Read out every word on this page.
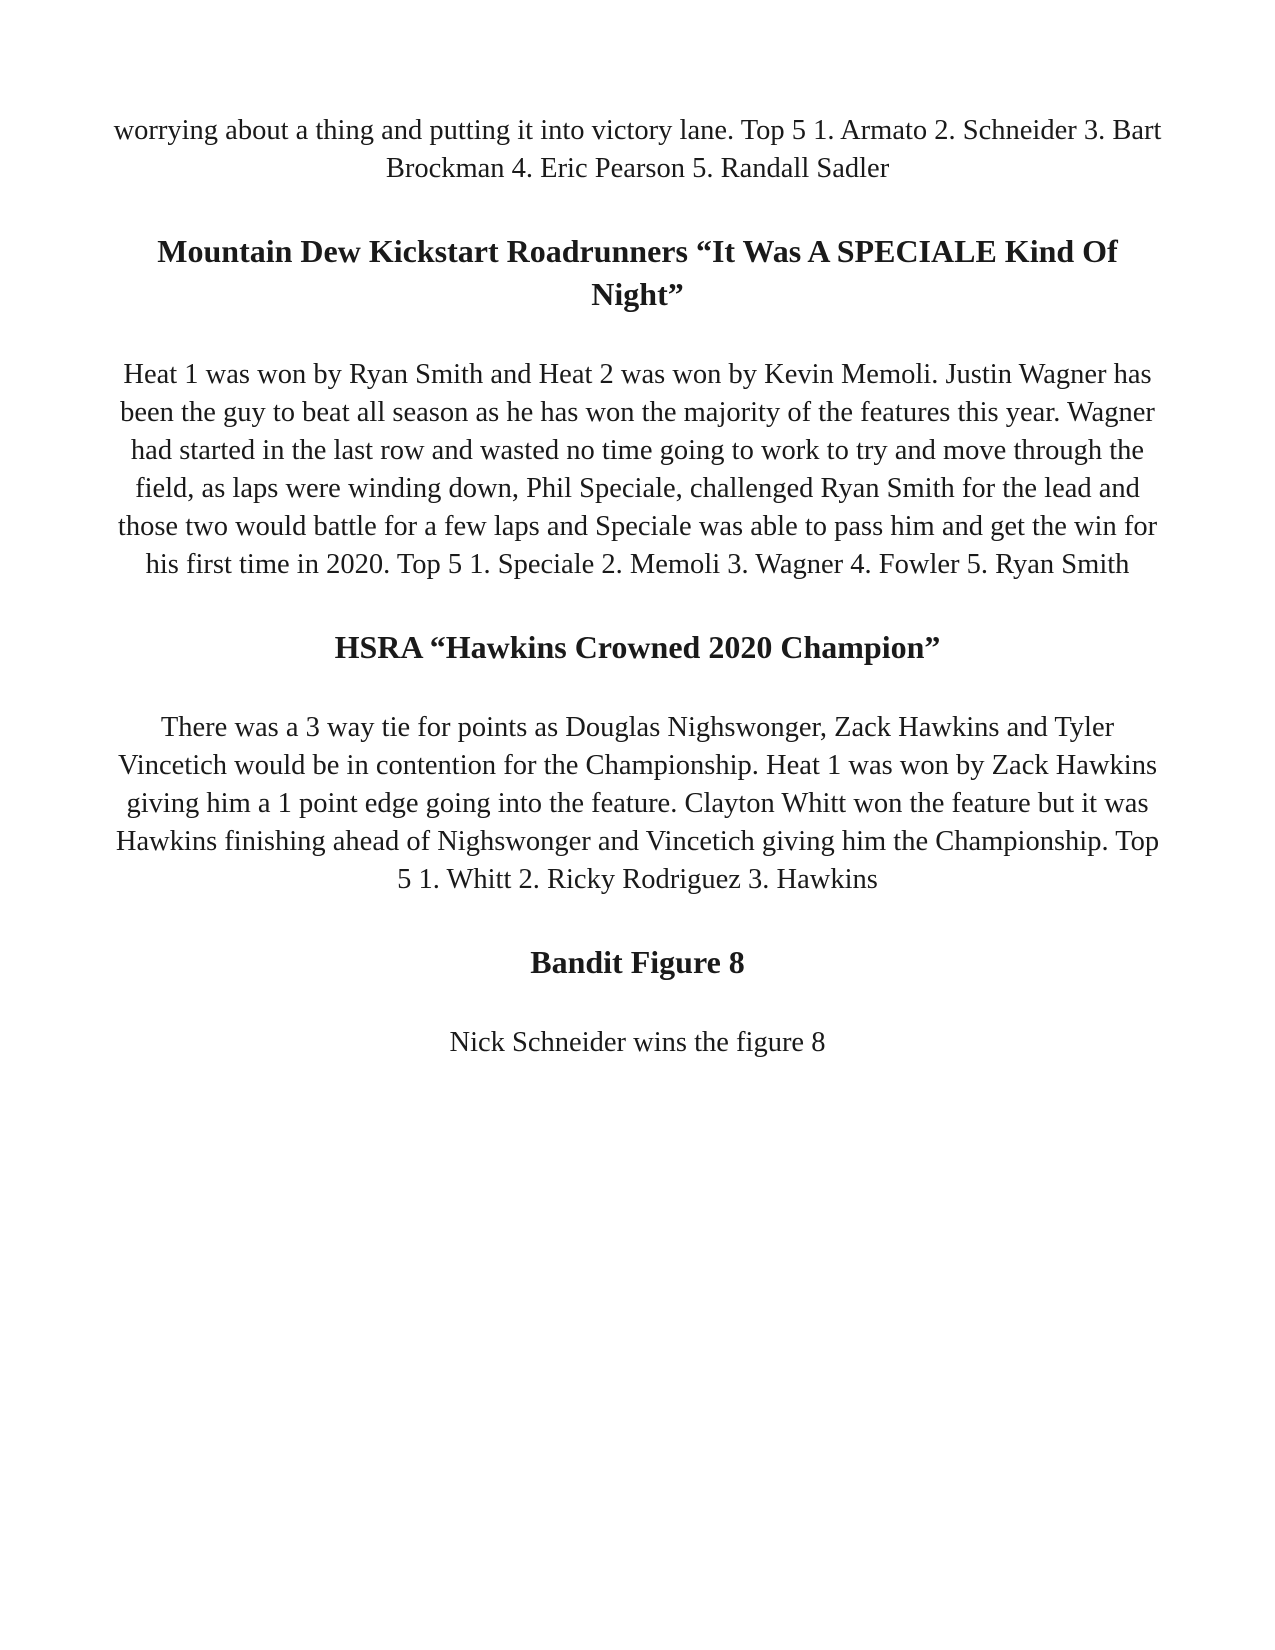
worrying about a thing and putting it into victory lane. Top 5 1. Armato 2. Schneider 3. Bart Brockman 4. Eric Pearson 5. Randall Sadler

Mountain Dew Kickstart Roadrunners “It Was A SPECIALE Kind Of Night”

Heat 1 was won by Ryan Smith and Heat 2 was won by Kevin Memoli. Justin Wagner has been the guy to beat all season as he has won the majority of the features this year. Wagner had started in the last row and wasted no time going to work to try and move through the field, as laps were winding down, Phil Speciale, challenged Ryan Smith for the lead and those two would battle for a few laps and Speciale was able to pass him and get the win for his first time in 2020. Top 5 1. Speciale 2. Memoli 3. Wagner 4. Fowler 5. Ryan Smith

HSRA “Hawkins Crowned 2020 Champion”

There was a 3 way tie for points as Douglas Nighswonger, Zack Hawkins and Tyler Vincetich would be in contention for the Championship. Heat 1 was won by Zack Hawkins giving him a 1 point edge going into the feature. Clayton Whitt won the feature but it was Hawkins finishing ahead of Nighswonger and Vincetich giving him the Championship. Top 5 1. Whitt 2. Ricky Rodriguez 3. Hawkins

Bandit Figure 8

Nick Schneider wins the figure 8
